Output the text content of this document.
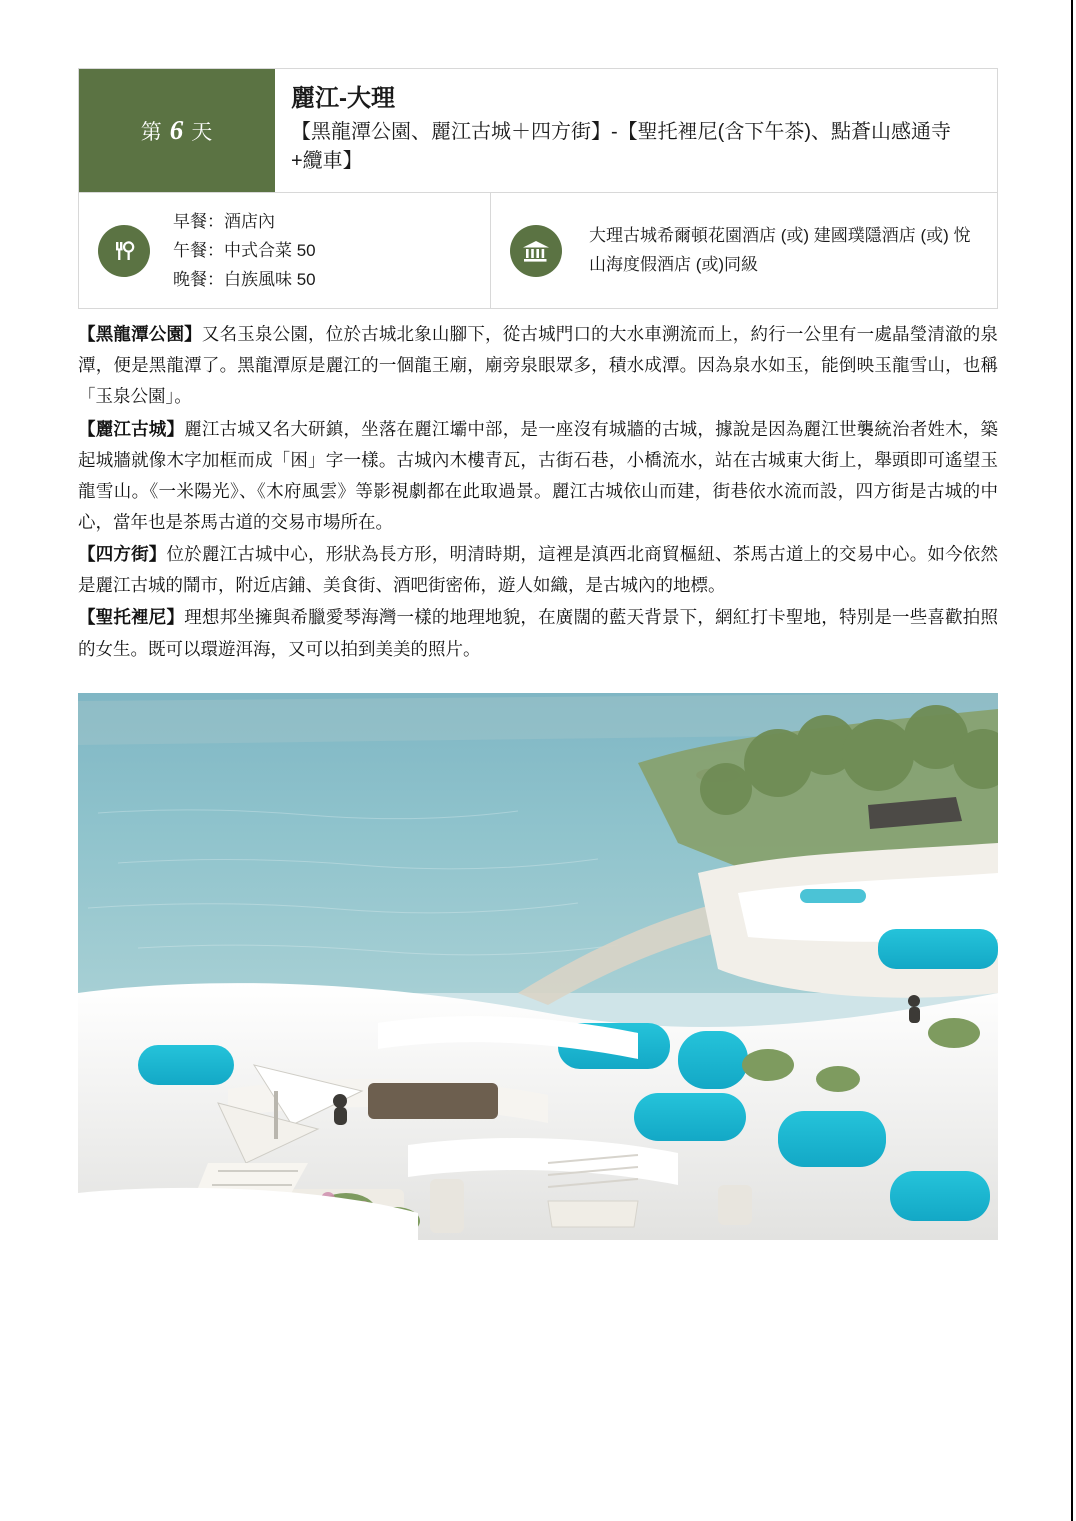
第 6 天
麗江-大理
【黑龍潭公園、麗江古城＋四方街】-【聖托裡尼(含下午茶)、點蒼山感通寺+纜車】
早餐：酒店內
午餐：中式合菜 50
晚餐：白族風味 50
大理古城希爾頓花園酒店 (或) 建國璞隱酒店 (或) 悅山海度假酒店 (或)同級

【黑龍潭公園】又名玉泉公園，位於古城北象山腳下，從古城門口的大水車溯流而上，約行一公里有一處晶瑩清澈的泉潭，便是黑龍潭了。黑龍潭原是麗江的一個龍王廟，廟旁泉眼眾多，積水成潭。因為泉水如玉，能倒映玉龍雪山，也稱「玉泉公園」。

【麗江古城】麗江古城又名大研鎮，坐落在麗江壩中部，是一座沒有城牆的古城，據說是因為麗江世襲統治者姓木，築起城牆就像木字加框而成「困」字一樣。古城內木樓青瓦，古街石巷，小橋流水，站在古城東大街上，舉頭即可遙望玉龍雪山。《一米陽光》、《木府風雲》等影視劇都在此取過景。麗江古城依山而建，街巷依水流而設，四方街是古城的中心，當年也是茶馬古道的交易市場所在。

【四方街】位於麗江古城中心，形狀為長方形，明清時期，這裡是滇西北商貿樞紐、茶馬古道上的交易中心。如今依然是麗江古城的鬧市，附近店鋪、美食街、酒吧街密佈，遊人如織，是古城內的地標。

【聖托裡尼】理想邦坐擁與希臘愛琴海灣一樣的地理地貌，在廣闊的藍天背景下，網紅打卡聖地，特別是一些喜歡拍照的女生。既可以環遊洱海，又可以拍到美美的照片。
